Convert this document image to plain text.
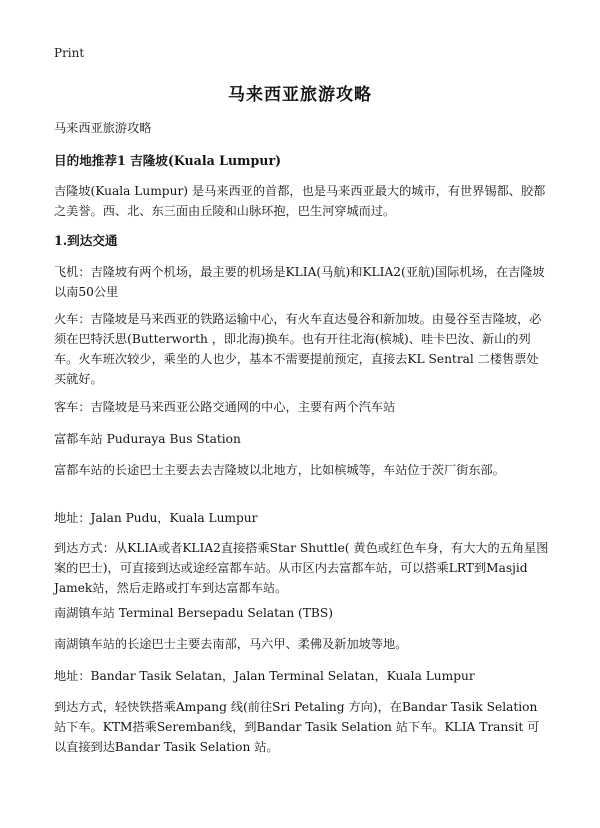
Print
马来西亚旅游攻略

马来西亚旅游攻略

目的地推荐1 吉隆坡(Kuala Lumpur)

吉隆坡(Kuala Lumpur) 是马来西亚的首都，也是马来西亚最大的城市，有世界锡都、胶都之美誉。西、北、东三面由丘陵和山脉环抱，巴生河穿城而过。

1.到达交通

飞机：吉隆坡有两个机场，最主要的机场是KLIA(马航)和KLIA2(亚航)国际机场，在吉隆坡以南50公里

火车：吉隆坡是马来西亚的铁路运输中心，有火车直达曼谷和新加坡。由曼谷至吉隆坡，必须在巴特沃思(Butterworth ，即北海)换车。也有开往北海(槟城)、哇卡巴汝、新山的列车。火车班次较少，乘坐的人也少，基本不需要提前预定，直接去KL Sentral 二楼售票处买就好。

客车：吉隆坡是马来西亚公路交通网的中心，主要有两个汽车站

富都车站 Puduraya Bus Station

富都车站的长途巴士主要去去吉隆坡以北地方，比如槟城等，车站位于茨厂街东部。

地址：Jalan Pudu，Kuala Lumpur

到达方式：从KLIA或者KLIA2直接搭乘Star Shuttle( 黄色或红色车身，有大大的五角星图案的巴士)，可直接到达或途经富都车站。从市区内去富都车站，可以搭乘LRT到Masjid Jamek站，然后走路或打车到达富都车站。

南湖镇车站 Terminal Bersepadu Selatan (TBS)

南湖镇车站的长途巴士主要去南部，马六甲、柔佛及新加坡等地。

地址：Bandar Tasik Selatan，Jalan Terminal Selatan，Kuala Lumpur

到达方式，轻快铁搭乘Ampang 线(前往Sri Petaling 方向)，在Bandar Tasik Selation 站下车。KTM搭乘Seremban线，到Bandar Tasik Selation 站下车。KLIA Transit 可以直接到达Bandar Tasik Selation 站。
